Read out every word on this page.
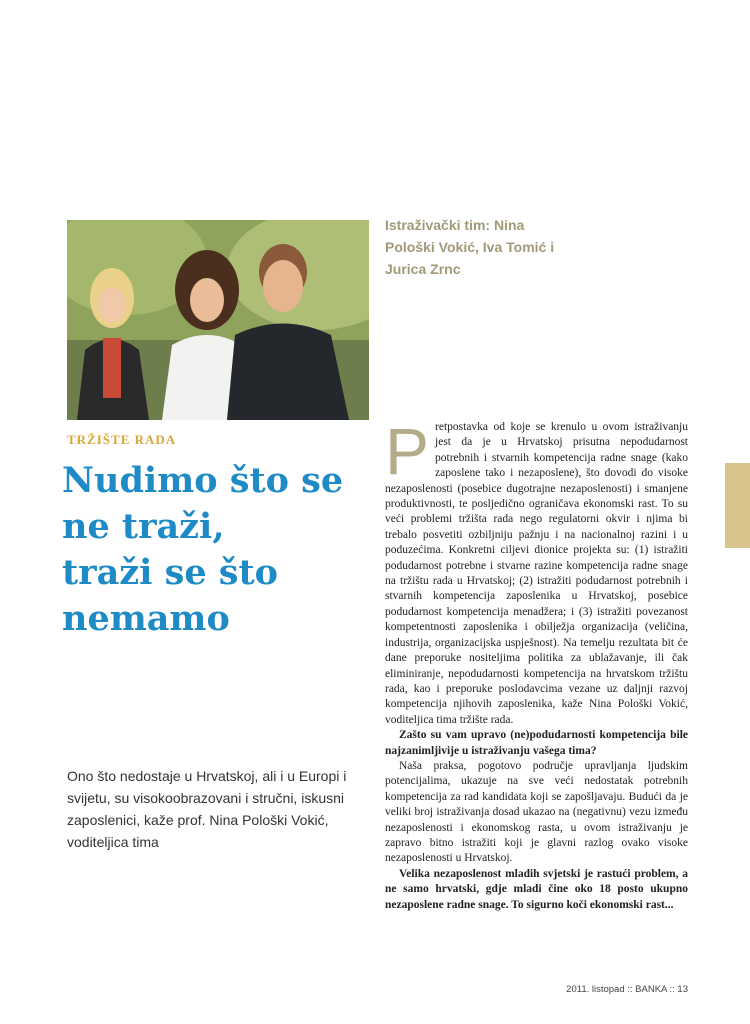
Mario Bedor
Istraživački tim: Nina Pološki Vokić, Iva Tomić i Jurica Zrnc
TRŽIŠTE RADA
Nudimo što se
ne traži,
traži se što
nemamo
Ono što nedostaje u Hrvatskoj, ali i u Europi i svijetu, su visokoobrazovani i stručni, iskusni zaposlenici, kaže prof. Nina Pološki Vokić, voditeljica tima
P retpostavka od koje se krenulo u ovom istraživanju jest da je u Hrvatskoj prisutna nepodudarnost potrebnih i stvarnih kompetencija radne snage (kako zaposlene tako i nezaposlene), što dovodi do visoke nezaposlenosti (posebice dugotrajne nezaposlenosti) i smanjene produktivnosti, te posljedično ograničava ekonomski rast. To su veći problemi tržišta rada nego regulatorni okvir i njima bi trebalo posvetiti ozbiljniju pažnju i na nacionalnoj razini i u poduzećima. Konkretni ciljevi dionice projekta su: (1) istražiti podudarnost potrebne i stvarne razine kompetencija radne snage na tržištu rada u Hrvatskoj; (2) istražiti podudarnost potrebnih i stvarnih kompetencija zaposlenika u Hrvatskoj, posebice podudarnost kompetencija menadžera; i (3) istražiti povezanost kompetentnosti zaposlenika i obilježja organizacija (veličina, industrija, organizacijska uspješnost). Na temelju rezultata bit će dane preporuke nositeljima politika za ublažavanje, ili čak eliminiranje, nepodudarnosti kompetencija na hrvatskom tržištu rada, kao i preporuke poslodavcima vezane uz daljnji razvoj kompetencija njihovih zaposlenika, kaže Nina Pološki Vokić, voditeljica tima tržište rada.

Zašto su vam upravo (ne)podudarnosti kompetencija bile najzanimljivije u istraživanju vašega tima?

Naša praksa, pogotovo područje upravljanja ljudskim potencijalima, ukazuje na sve veći nedostatak potrebnih kompetencija za rad kandidata koji se zapošljavaju. Budući da je veliki broj istraživanja dosad ukazao na (negativnu) vezu između nezaposlenosti i ekonomskog rasta, u ovom istraživanju je zapravo bitno istražiti koji je glavni razlog ovako visoke nezaposlenosti u Hrvatskoj.

Velika nezaposlenost mladih svjetski je rastući problem, a ne samo hrvatski, gdje mladi čine oko 18 posto ukupno nezaposlene radne snage. To sigurno koči ekonomski rast...

2011. listopad :: BANKA :: 13
